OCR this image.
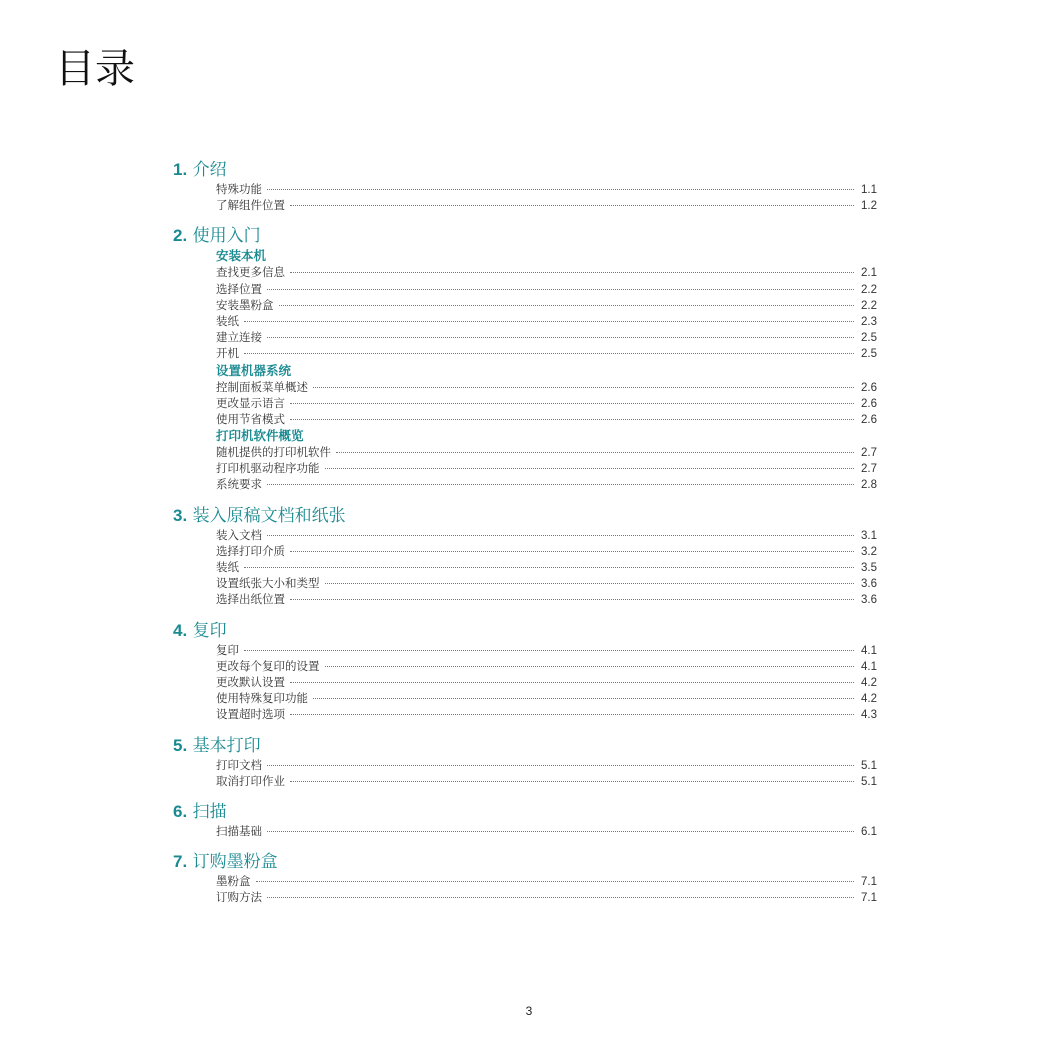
目录
1. 介绍
特殊功能	1.1
了解组件位置	1.2
2. 使用入门
安装本机
查找更多信息	2.1
选择位置	2.2
安装墨粉盒	2.2
装纸	2.3
建立连接	2.5
开机	2.5
设置机器系统
控制面板菜单概述	2.6
更改显示语言	2.6
使用节省模式	2.6
打印机软件概览
随机提供的打印机软件	2.7
打印机驱动程序功能	2.7
系统要求	2.8
3. 装入原稿文档和纸张
装入文档	3.1
选择打印介质	3.2
装纸	3.5
设置纸张大小和类型	3.6
选择出纸位置	3.6
4. 复印
复印	4.1
更改每个复印的设置	4.1
更改默认设置	4.2
使用特殊复印功能	4.2
设置超时选项	4.3
5. 基本打印
打印文档	5.1
取消打印作业	5.1
6. 扫描
扫描基础	6.1
7. 订购墨粉盒
墨粉盒	7.1
订购方法	7.1
3
